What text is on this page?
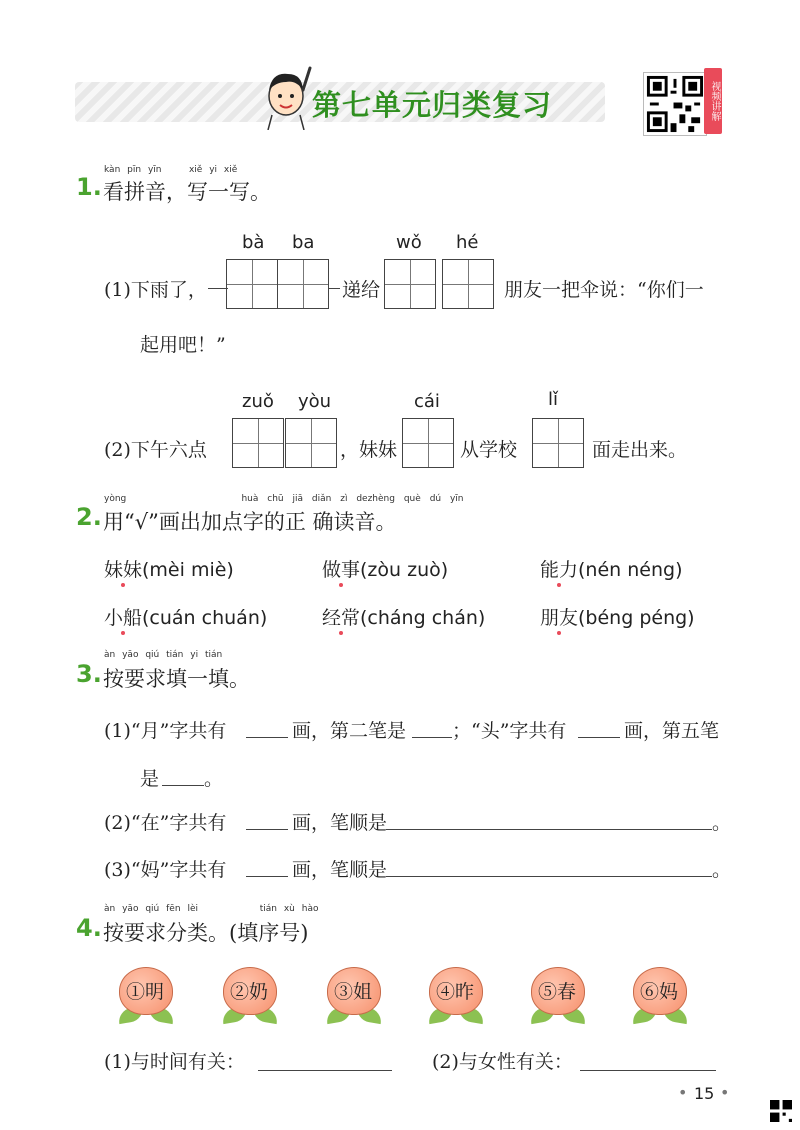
第七单元归类复习	视频讲解
kàn pīn yīn	xiě yi xiě
1. 看拼音，写一写。
bà ba	wǒ hé
(1)下雨了，	递给	朋友一把伞说：“你们一
起用吧！”
zuǒ yòu	cái	lǐ
(2)下午六点	，妹妹	从学校	面走出来。
yòng	huà chū jiā diǎn zì dezhèng què dú yīn
2. 用“√”画出加点字的正 确读音。
妹妹(mèi miè)	做事(zòu zuò)	能力(nén néng)
小船(cuán chuán)	经常(cháng chán)	朋友(béng péng)
àn yāo qiú tián yi tián
3. 按要求填一填。
(1)“月”字共有	画，第二笔是 ；“头”字共有	画，第五笔
是 。
(2)“在”字共有	画，笔顺是	。
(3)“妈”字共有	画，笔顺是	。
àn yāo qiú fēn lèi	tián xù hào
4. 按要求分类。(填序号)
①明	②奶	③姐	④昨	⑤春	⑥妈
(1)与时间有关：	(2)与女性有关：
• 15 •
